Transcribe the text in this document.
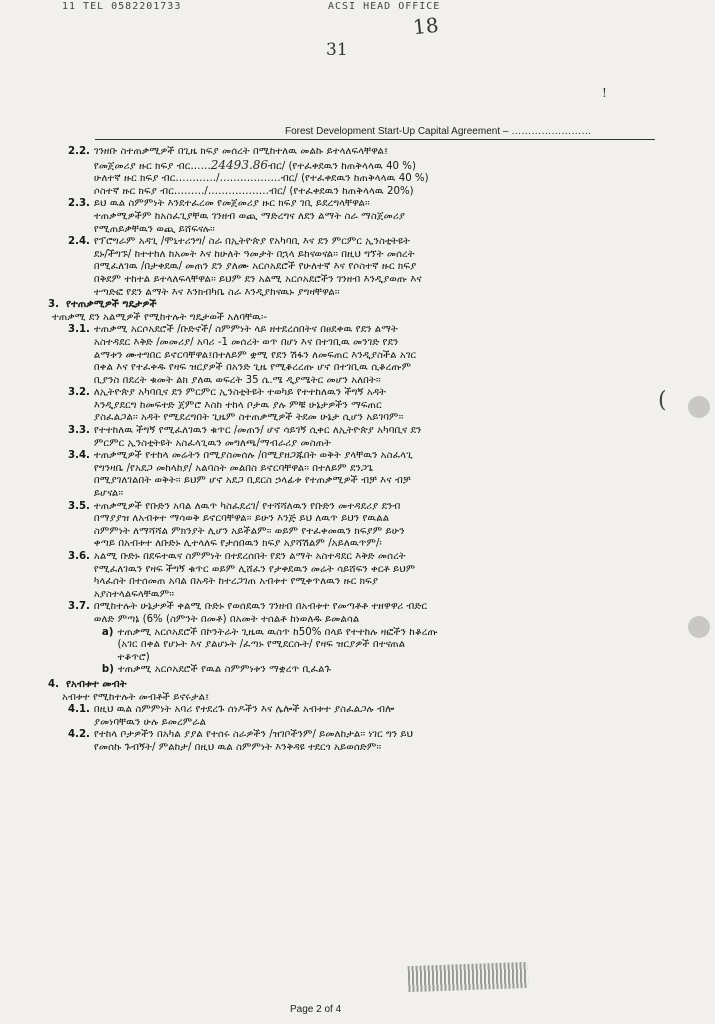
11 TEL 0582201733	ACSI HEAD OFFICE
18
31
!
Forest Development Start-Up Capital Agreement – ……………………
(
2.2. ገንዘቡ ስተጠቃሚዎች በጊዜ ክፍያ መሰረት በሚከተለዉ መልኩ ይተላለፍላቸዋል፤
የመጀመሪያ ዙር ክፍያ ብር……24493.86ብር/ (የተፈቀደዉን ከጠቅላላዉ 40 %)
ሁለተኛ ዙር ክፍያ ብር…………/………………ብር/ (የተፈቀደዉን ከጠቅላላዉ 40 %)
ሶስተኛ ዙር ክፍያ ብር………/………………ብር/ (የተፈቀደዉን ከጠቅላላዉ 20%)
2.3. ይህ ዉል ስምምነት እንደተፈረመ የመጀመሪያ ዙር ክፍያ ገቢ ይደረግላቸዋል፡፡
ተጠቃሚዎችም ከአስፈጊያቸዉ ገንዘብ ወጪ ማድረግና ለደን ልማት ስራ ማስጀመሪያ
የሚጠይቃቸዉን ወጪ ይሸፍናሉ፡፡
2.4. የፕሮግራም አዳጊ /ሞኒተሪንግ/ ስራ በኢትዮጵያ የአካባቢ እና ደን ምርምር ኢንስቲትዩት
ደኑ/ችግኙ/ ከተተከለ ከአመት እና ከሁለት ዓመታት በኋላ ይከናወናል፡፡ በዚህ ግኘት መሰረት
በሚፈለገዉ /በታቀደዉ/ መጠን ደን ያለሙ አርሶአደሮች የሁለተኛ እና የሶስተኛ ዙር ክፍያ
በቅደም ተከተል ይተላለፍላቸዋል፡፡ ይህም ደን አልሚ አርሶአደሮችን ገንዘብ እንዲያወጡ እና
ተጣድፎ የደን ልማት እና እንክብካቤ ስራ እንዲያከናዉኑ ያግዛቸዋል፡፡
3. የተጠቃሚዎች ግዴታዎች
ተጠቃሚ ደን አልሚዎች የሚከተሉት ግዴታወች አለባቸዉ፡-
3.1. ተጠቃሚ አርሶአደሮች /ቡድኖች/ ስምምነት ላይ ዘተደረሰበትና በፀደቀዉ የደን ልማት
አስተዳደር እቅድ /መመሪያ/ አባሪ -1 መሰረት ወጥ በሆነ እና በተገቢዉ መንገድ የደን
ልማቱን ሙተግበር ይኖርባቸዋል፤በተለይም ቋሚ የደን ሽፋን ለመፍጠር እንዲያስችል አገር
በቀል እና የተፈቀዱ የዛፍ ዝርያዎች በአንድ ጊዜ የሚቆረረጡ ሆኖ በተገቢዉ ሲቆረጡም
ቢያንስ በደረት ቁመት ልክ ያለዉ ወፍረት 35 ሴ.ሜ ዲያሜትር መሆን አለበት፡፡
3.2. ለኢትዮጵያ አካባቢና ደን ምርምር ኢንስቲትዩት ተወካይ የተተከለዉን ችግኝ አዳት
እንዲያደርግ ከመፍተድ ጀምሮ እስከ ተከላ ቦታዉ ያሉ ምቹ ሁኔታዎችን ማፍጠር
ያስፈልጋል፡፡ አዳት የሚደረግበት ጊዜም ስተጠቃሚዎች ትደመ ሁኔታ ሲሆን አይገባም፡፡
3.3. የተተከለዉ ችግኝ የሚፈለገዉን ቁጥር /መጠን/ ሆኖ ሳይገኝ ሲቀር ለኢትዮጵያ አካባቢና ደን
ምርምር ኢንስቲትዩት አስፈላጊዉን መግለጫ/ማብራሪያ መስጠት
3.4. ተጠቃሚዎች የተከላ መሬትን በሚያስመሰሉ /በሚያዘጋጁበት ወቅት ያላቸዉን አስፈላጊ
የግንዛቤ /የአደጋ መከላከያ/ አልባስት መልበስ ይኖርባቸዋል፡፡ በተለይም ደንጋጌ
በሚያገለገልበት ወቅት፡፡ ይህም ሆኖ አደጋ ቢደርስ ኃላፊቱ የተጠቃሚዎች ብቻ እና ብቻ
ይሆናል፡፡
3.5. ተጠቃሚዎች የቡድን አባል ለዉጥ ካስፈደረገ/ የተሻሻለዉን የቡድን መተዳደሪያ ደንብ
በማያያዝ ለአብቱተ ማሳወቅ ይኖርባቸዋል፡፡ ይሁን እንጅ ይህ ለዉጥ ይህን የዉልል
ስምምነት ለማሻሻል ምክንያት ሊሆን አይችልም፡፡ ወይም የተፈቀመዉን ክፍያም ይሁን
ቀጣይ በአብቱተ ለቡድኑ ሊተላለፍ የታሰበዉን ክፍያ አያሻሽልም /አይለዉጥም/፡
3.6. አልሚ ቡድኑ በደፍተዉና ስምምነት በተደረሰበት የደን ልማት አስተዳደር እቅድ መሰረት
የሚፈለገዉን የዛፍ ችግኝ ቁጥር ወይም ሊሸፈን የታቀደዉን መሬት ሳይሸፍን ቀርቶ ይህም
ካላፈሰት በተሰመጠ አባል በአዳት ከተረጋገጠ አብቱተ የሚቀጥለዉን ዙር ክፍያ
አያስተላልፍላቸዉም፡፡
3.7. በሚከተሉት ሁኔታዎች ቀልሚ ቡድኑ የወሰደዉን ገንዘብ በአብቱተ የመጣቶቶ ተዘዋዋሪ ብድር
ወለድ ምጣኔ (6% (ስምንት በመቶ) በአመት ተሰልቶ ከነወለዱ ይመልሳል
a) ተጠቃሚ አርሶአደሮች በኮንትራት ጊዜዉ ዉስጥ ከ50% በላይ የተተከሉ ዛፎችን ከቆረጡ
(አገር በቀል የሆኑት እና ያልሆኑት /ፈጣኑ የሚደርሱት/ የዛፍ ዝርያዎች በተናጠል
ተቆጥሮ)
b) ተጠቃሚ አርሶአደሮች የዉል ስምምነቱን ማቋረጥ ቢፈልጉ
4. የአብቱተ መብት
አብቱተ የሚከተሉት መብቶች ይኖሩታል፤
4.1. በዚህ ዉል ስምምነት አባሪ የተደረጉ ሰነዶችን እና ሌሎች አብቱተ ያስፈልጋሉ ብሎ
ያመነባቸዉን ሁሉ ይመረምራል
4.2. የተከላ ቦታዎችን በአካል ያያል የተሰሩ ስራዎችን /ዝገቦችንም/ ይመለከታል፡፡ ነገር ግን ይህ
የመሰኩ ጉብኝት/ ምልከታ/ በዚህ ዉል ስምምነት እንቅዳዩ ተደርጎ አይወሰድም፡፡
Page 2 of 4
